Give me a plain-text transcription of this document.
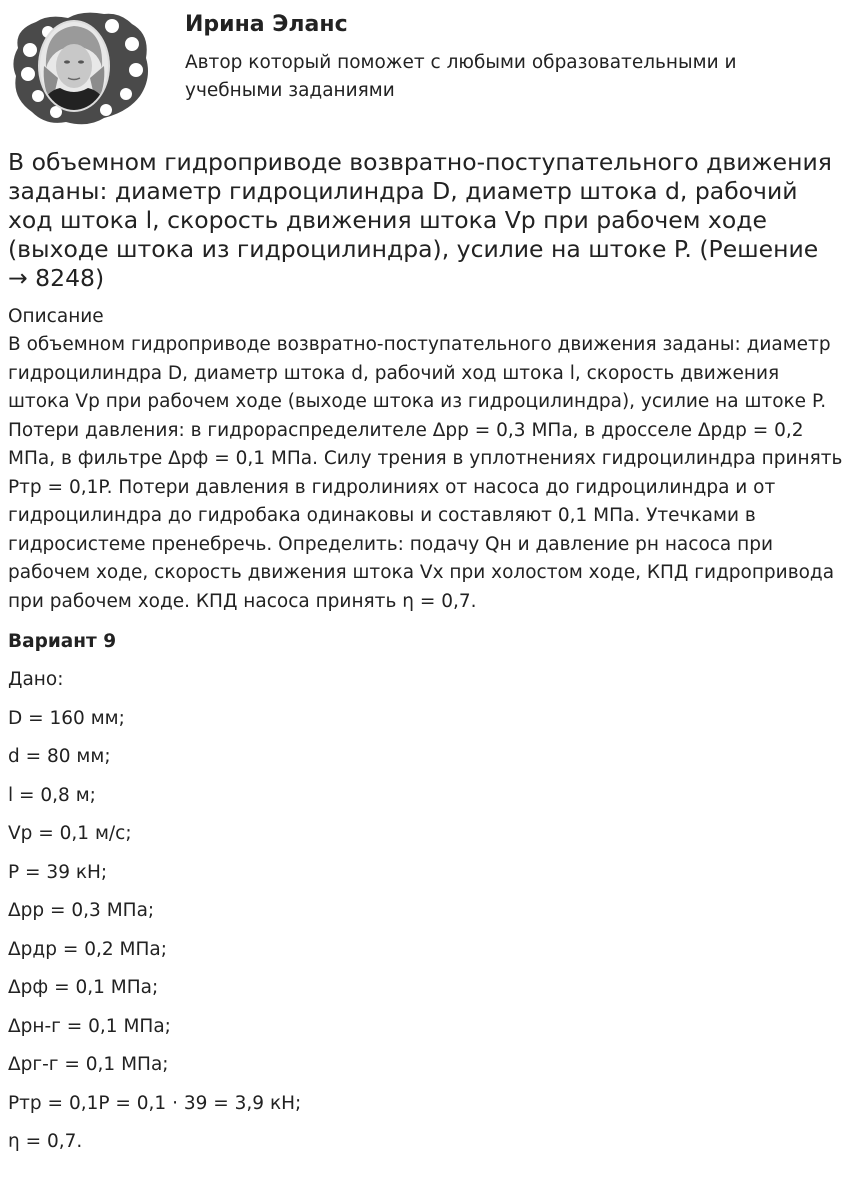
Ирина Эланс

Автор который поможет с любыми образовательными и учебными заданиями

В объемном гидроприводе возвратно-поступательного движения заданы: диаметр гидроцилиндра D, диаметр штока d, рабочий ход штока l, скорость движения штока Vp при рабочем ходе (выходе штока из гидроцилиндра), усилие на штоке P. (Решение → 8248)
Описание

В объемном гидроприводе возвратно-поступательного движения заданы: диаметр гидроцилиндра D, диаметр штока d, рабочий ход штока l, скорость движения штока Vp при рабочем ходе (выходе штока из гидроцилиндра), усилие на штоке P. Потери давления: в гидрораспределителе Δpр = 0,3 МПа, в дросселе Δpдр = 0,2 МПа, в фильтре Δpф = 0,1 МПа. Силу трения в уплотнениях гидроцилиндра принять Pтр = 0,1P. Потери давления в гидролиниях от насоса до гидроцилиндра и от гидроцилиндра до гидробака одинаковы и составляют 0,1 МПа. Утечками в гидросистеме пренебречь. Определить: подачу Qн и давление pн насоса при рабочем ходе, скорость движения штока Vх при холостом ходе, КПД гидропривода при рабочем ходе. КПД насоса принять η = 0,7.

Вариант 9
Дано:
D = 160 мм;
d = 80 мм;
l = 0,8 м;
Vр = 0,1 м/с;
P = 39 кН;
Δpр = 0,3 МПа;
Δpдр = 0,2 МПа;
Δpф = 0,1 МПа;
Δpн-г = 0,1 МПа;
Δpг-г = 0,1 МПа;
Pтр = 0,1P = 0,1 · 39 = 3,9 кН;
η = 0,7.
